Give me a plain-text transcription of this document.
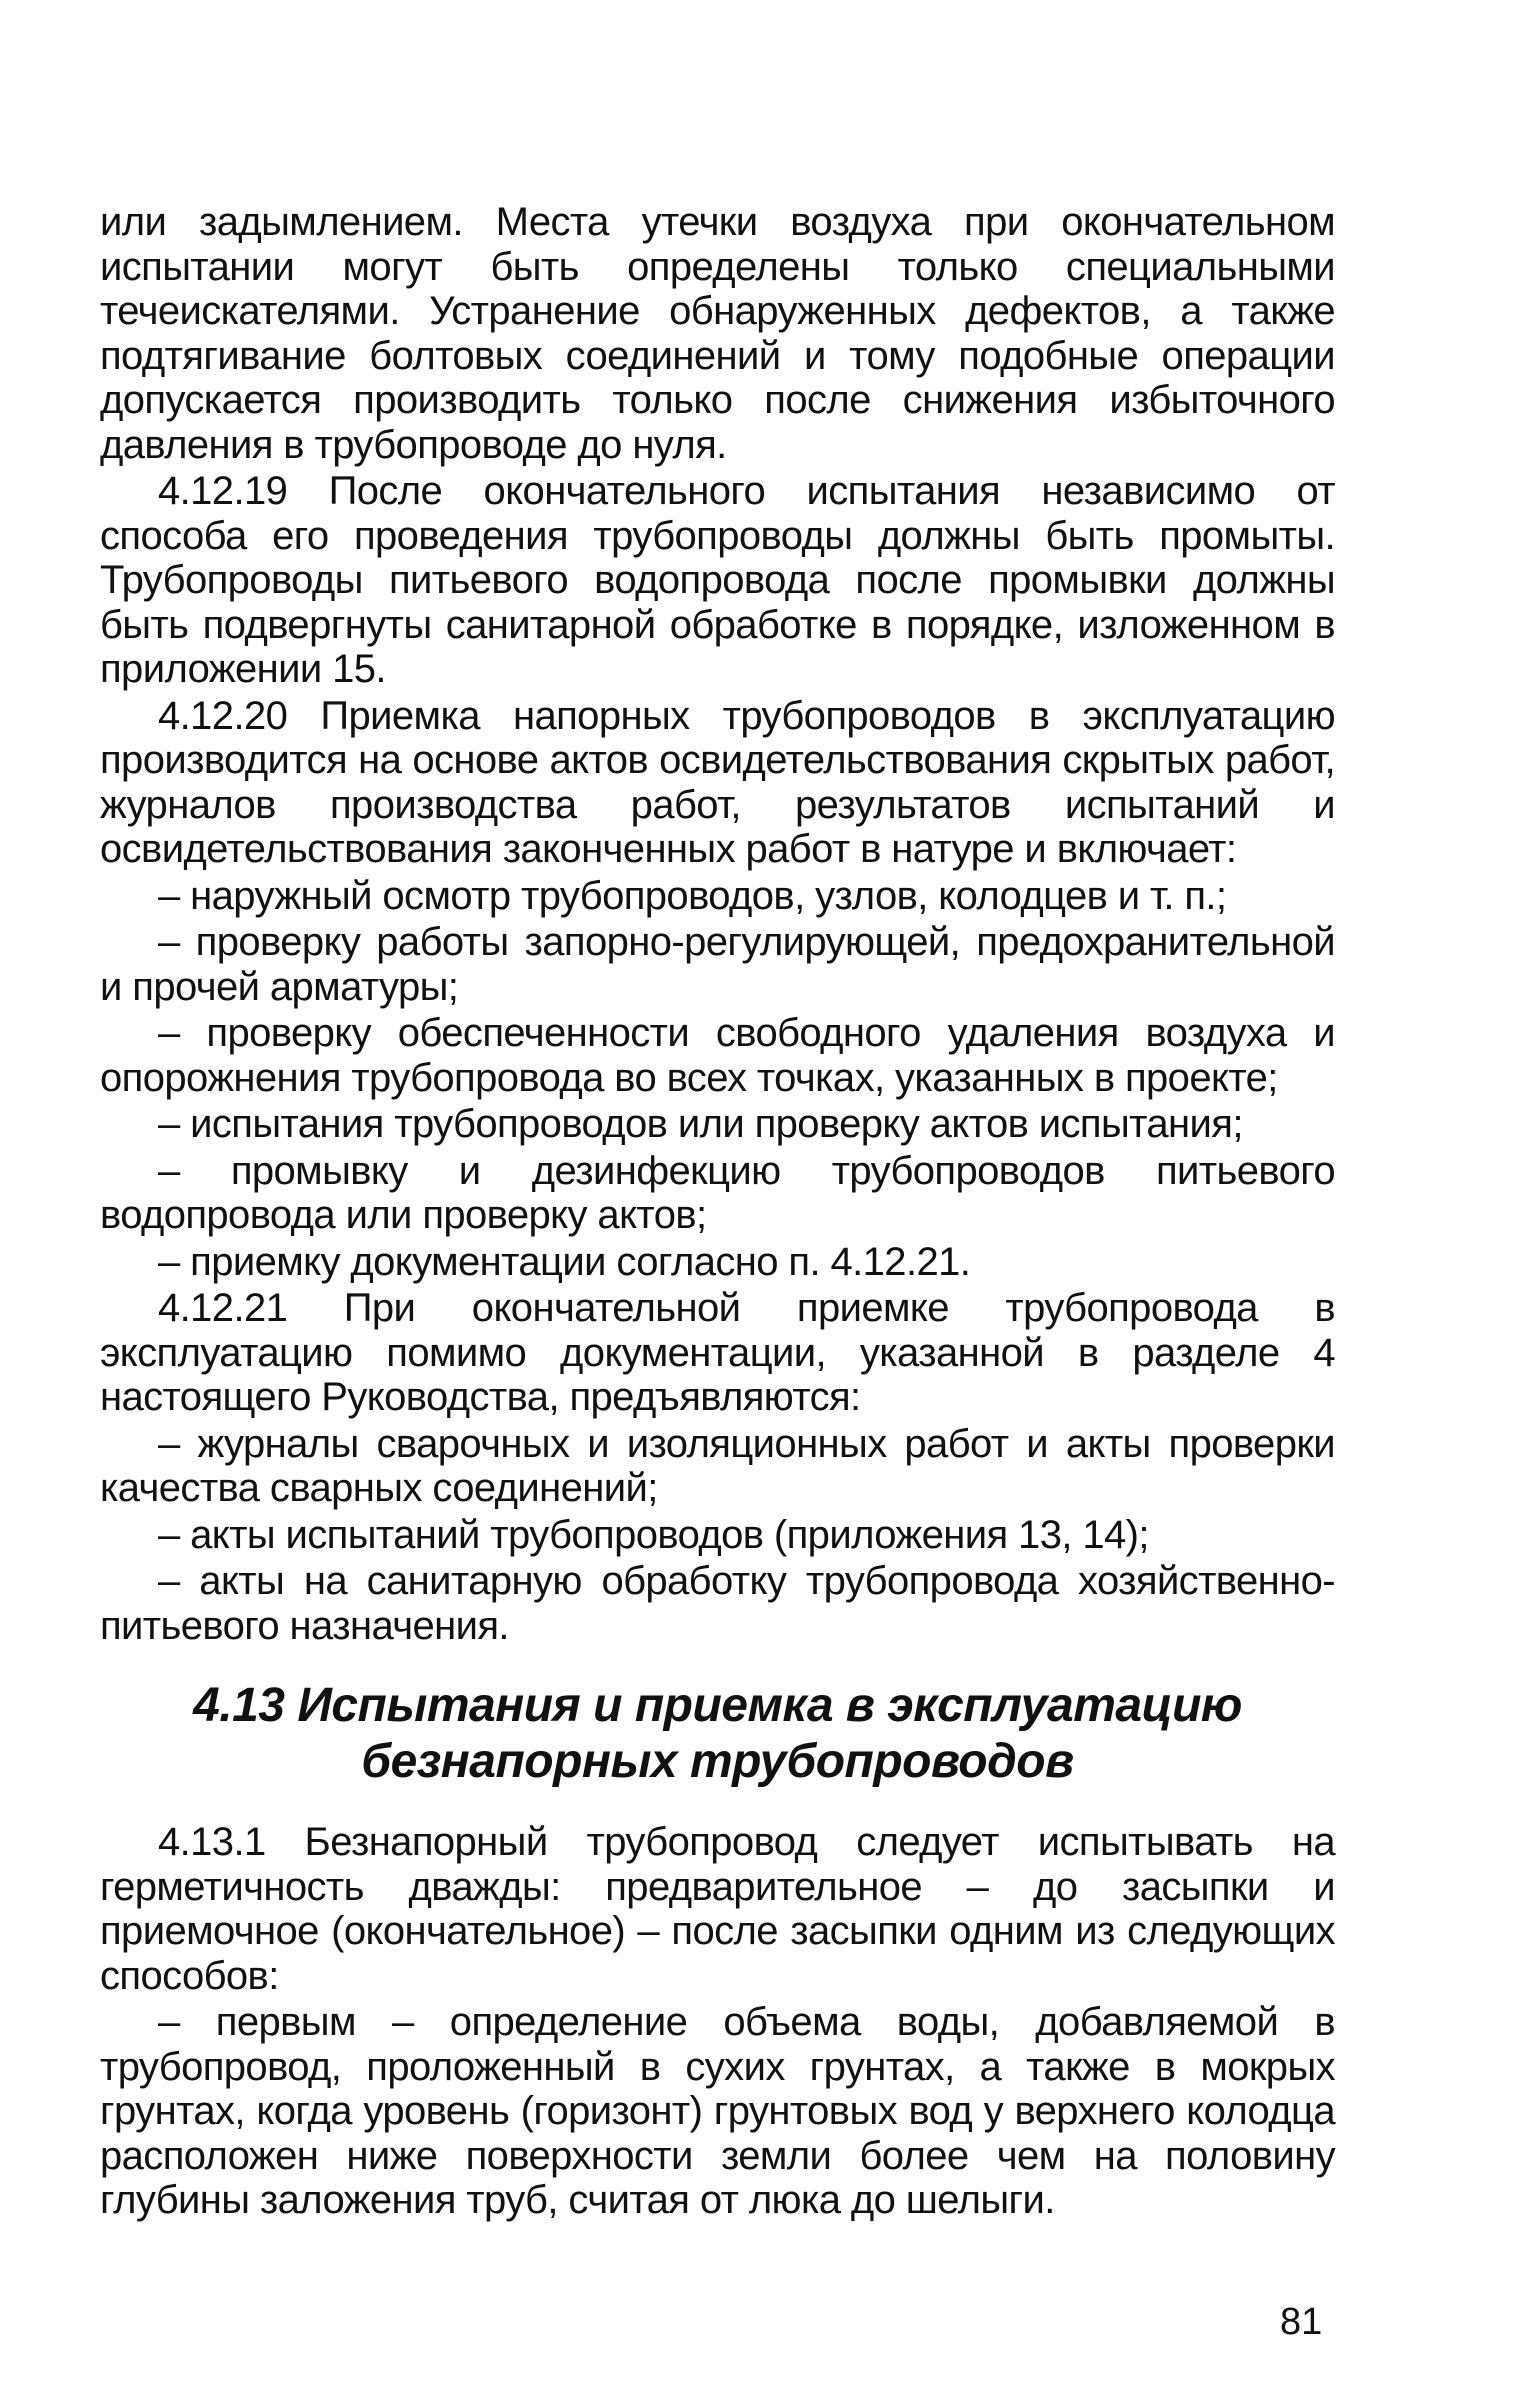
или задымлением. Места утечки воздуха при окончательном испытании могут быть определены только специальными течеискателями. Устранение обнаруженных дефектов, а также подтягивание болтовых соединений и тому подобные операции допускается производить только после снижения избыточного давления в трубопроводе до нуля.

4.12.19 После окончательного испытания независимо от способа его проведения трубопроводы должны быть промыты. Трубопроводы питьевого водопровода после промывки должны быть подвергнуты санитарной обработке в порядке, изложенном в приложении 15.

4.12.20 Приемка напорных трубопроводов в эксплуатацию производится на основе актов освидетельствования скрытых работ, журналов производства работ, результатов испытаний и освидетельствования законченных работ в натуре и включает:

– наружный осмотр трубопроводов, узлов, колодцев и т. п.;

– проверку работы запорно-регулирующей, предохранительной и прочей арматуры;

– проверку обеспеченности свободного удаления воздуха и опорожнения трубопровода во всех точках, указанных в проекте;

– испытания трубопроводов или проверку актов испытания;

– промывку и дезинфекцию трубопроводов питьевого водопровода или проверку актов;

– приемку документации согласно п. 4.12.21.

4.12.21 При окончательной приемке трубопровода в эксплуатацию помимо документации, указанной в разделе 4 настоящего Руководства, предъявляются:

– журналы сварочных и изоляционных работ и акты проверки качества сварных соединений;

– акты испытаний трубопроводов (приложения 13, 14);

– акты на санитарную обработку трубопровода хозяйственно-питьевого назначения.

4.13 Испытания и приемка в эксплуатацию
безнапорных трубопроводов

4.13.1 Безнапорный трубопровод следует испытывать на герметичность дважды: предварительное – до засыпки и приемочное (окончательное) – после засыпки одним из следующих способов:

– первым – определение объема воды, добавляемой в трубопровод, проложенный в сухих грунтах, а также в мокрых грунтах, когда уровень (горизонт) грунтовых вод у верхнего колодца расположен ниже поверхности земли более чем на половину глубины заложения труб, считая от люка до шелыги.

81
